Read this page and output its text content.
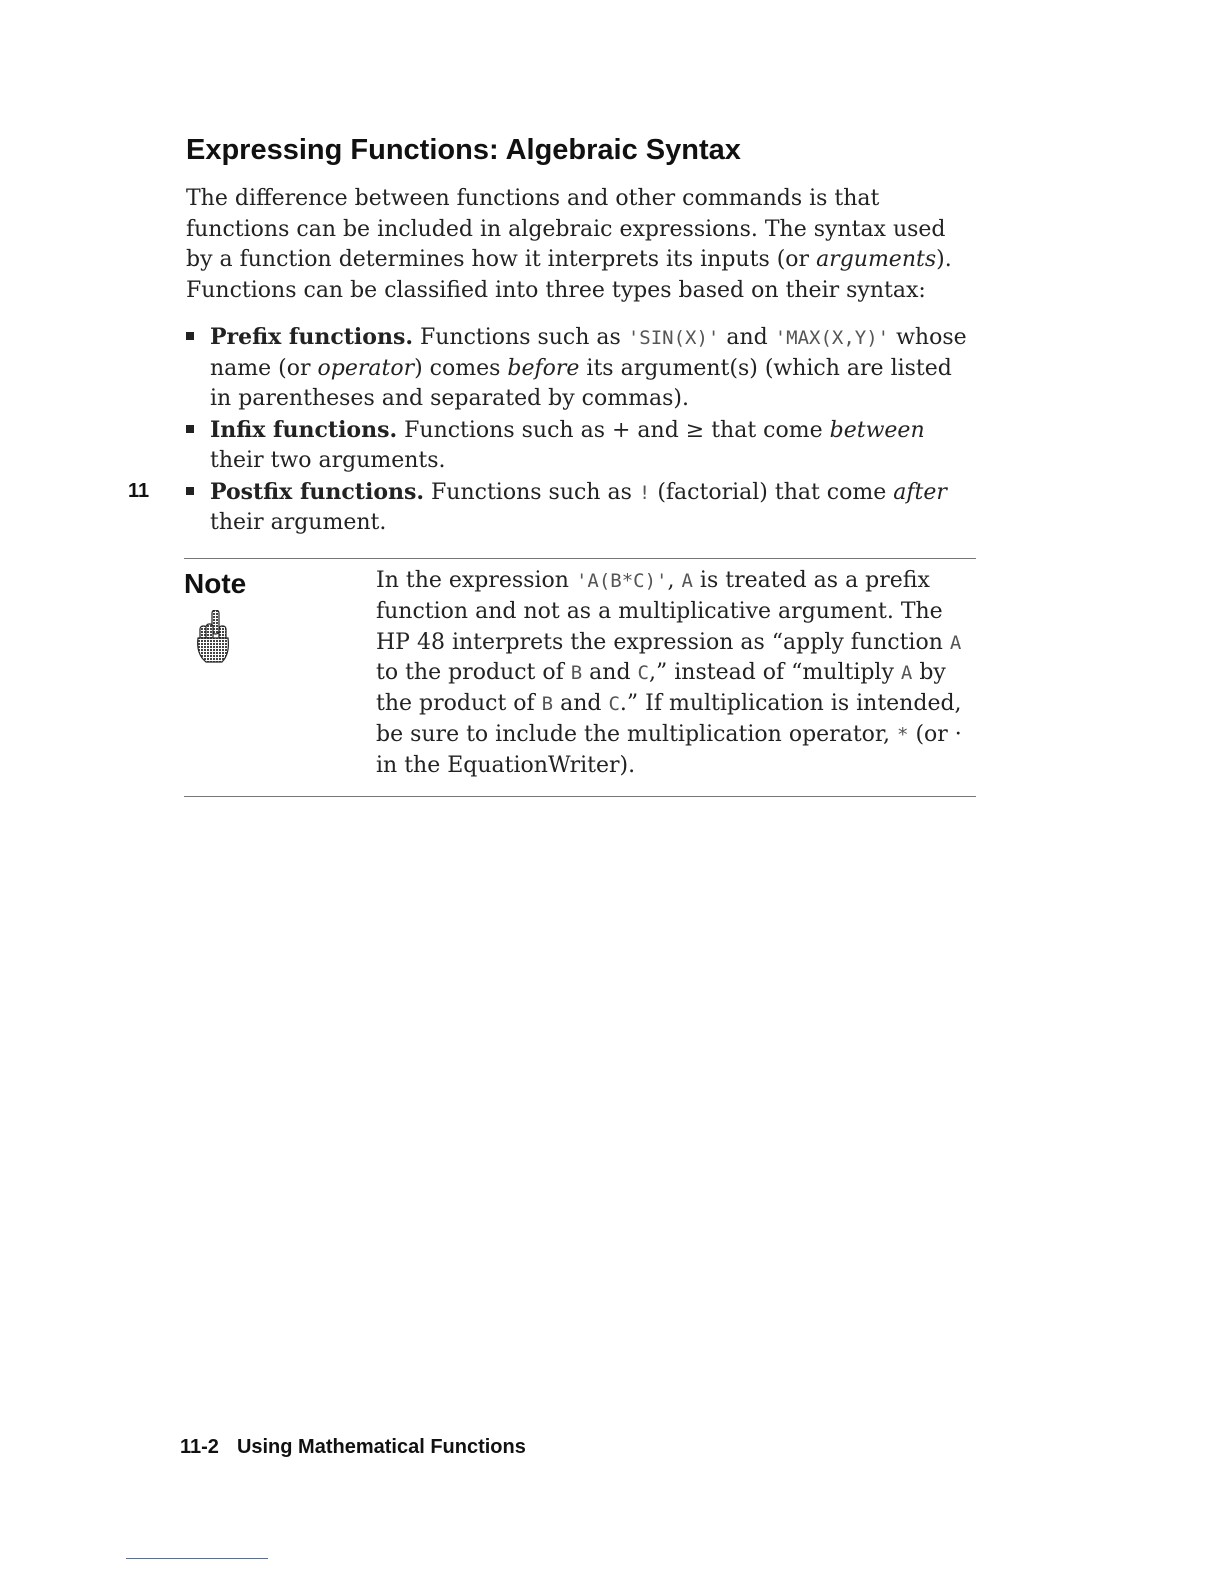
Expressing Functions: Algebraic Syntax

The difference between functions and other commands is that functions can be included in algebraic expressions. The syntax used by a function determines how it interprets its inputs (or arguments). Functions can be classified into three types based on their syntax:

Prefix functions. Functions such as 'SIN(X)' and 'MAX(X,Y)' whose name (or operator) comes before its argument(s) (which are listed in parentheses and separated by commas).
Infix functions. Functions such as + and ≥ that come between their two arguments.
Postfix functions. Functions such as ! (factorial) that come after their argument.
11
Note	In the expression 'A(B*C)', A is treated as a prefix function and not as a multiplicative argument. The HP 48 interprets the expression as “apply function A to the product of B and C,” instead of “multiply A by the product of B and C.” If multiplication is intended, be sure to include the multiplication operator, * (or · in the EquationWriter).

11-2 Using Mathematical Functions
